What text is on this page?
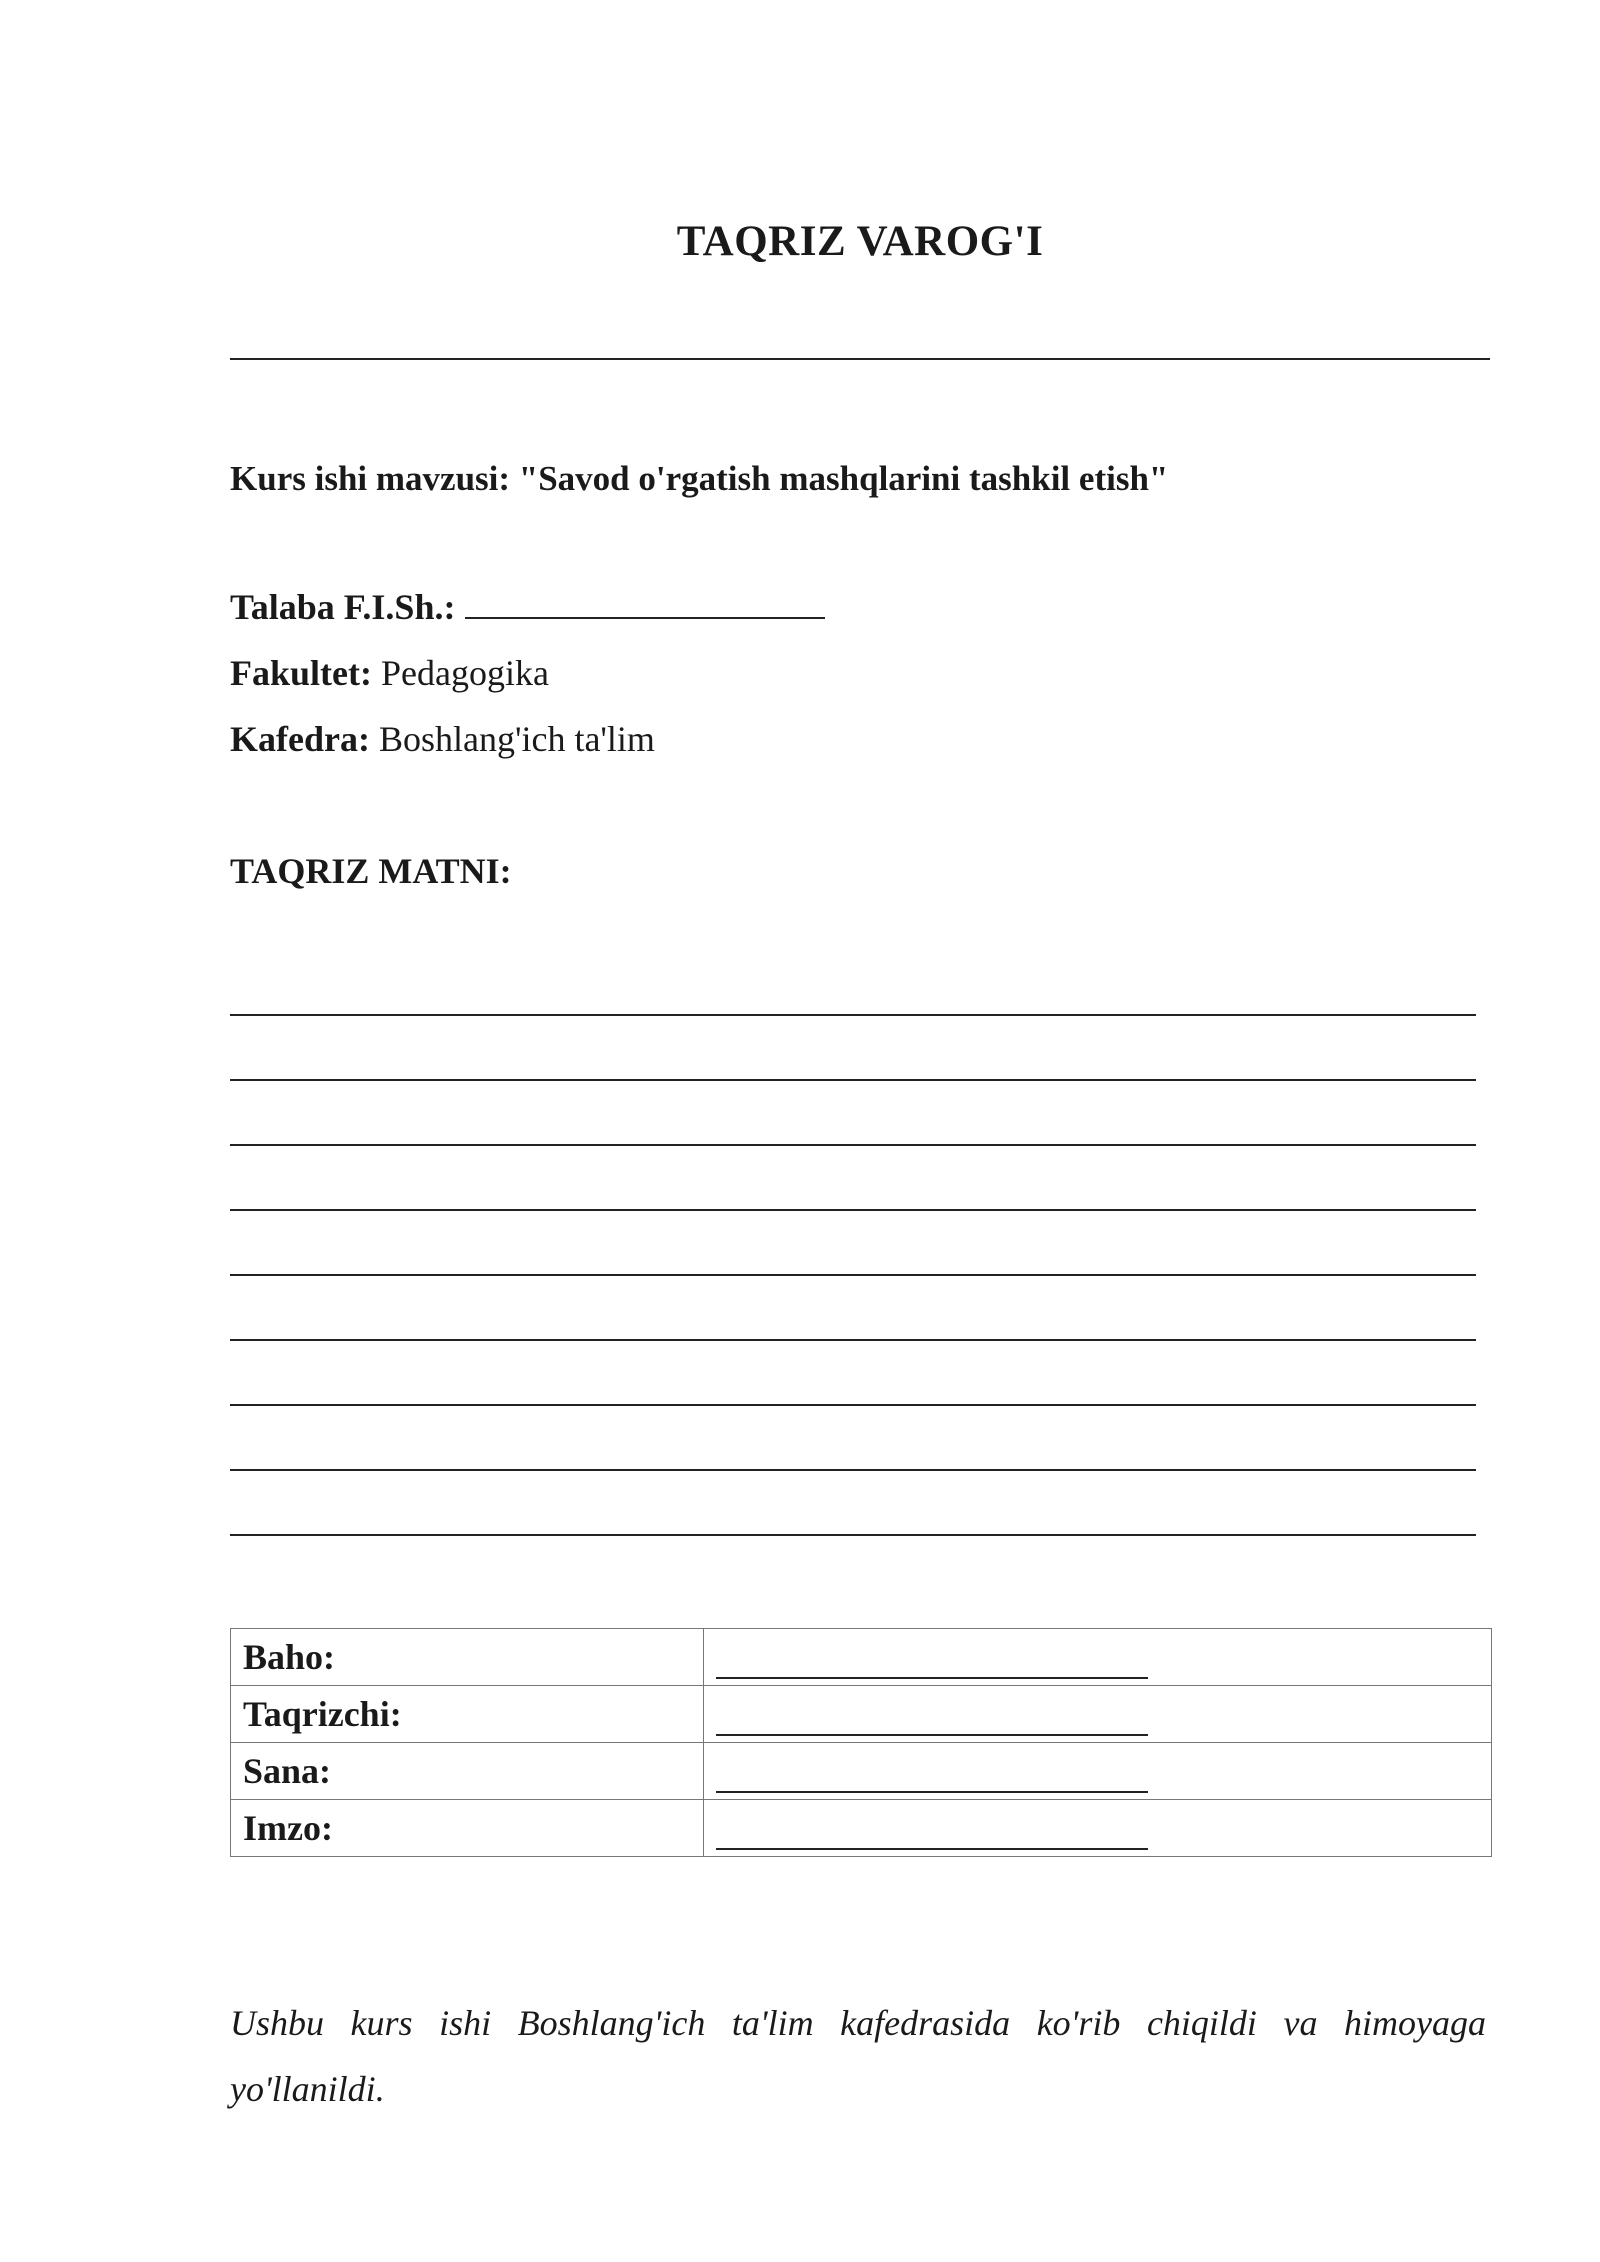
TAQRIZ VAROG'I
Kurs ishi mavzusi: "Savod o'rgatish mashqlarini tashkil etish"
Talaba F.I.Sh.:
Fakultet: Pedagogika
Kafedra: Boshlang'ich ta'lim
TAQRIZ MATNI:
Baho:	
Taqrizchi:	
Sana:	
Imzo:	
Ushbu kurs ishi Boshlang'ich ta'lim kafedrasida ko'rib chiqildi va himoyaga yo'llanildi.
